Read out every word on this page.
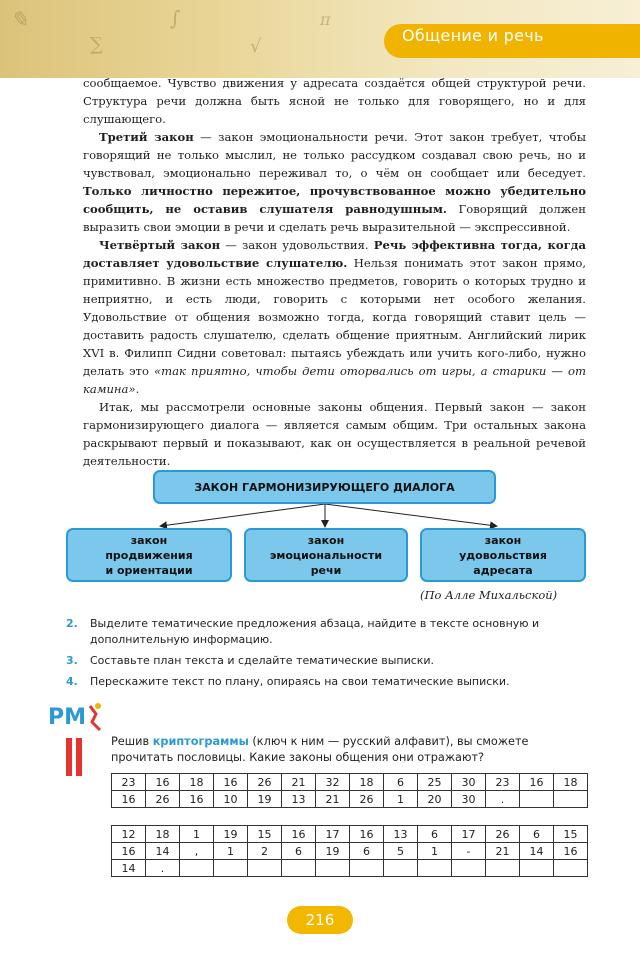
✎
∑
∫
√
π
Общение и речь

сообщаемое. Чувство движения у адресата создаётся общей структурой речи. Структура речи должна быть ясной не только для говорящего, но и для слушающего.

Третий закон — закон эмоциональности речи. Этот закон требует, чтобы говорящий не только мыслил, не только рассудком создавал свою речь, но и чувствовал, эмоционально переживал то, о чём он сообщает или беседует. Только личностно пережитое, прочувствованное можно убедительно сообщить, не оставив слушателя равнодушным. Говорящий должен выразить свои эмоции в речи и сделать речь выразительной — экспрессивной.

Четвёртый закон — закон удовольствия. Речь эффективна тогда, когда доставляет удовольствие слушателю. Нельзя понимать этот закон прямо, примитивно. В жизни есть множество предметов, говорить о которых трудно и неприятно, и есть люди, говорить с которыми нет особого желания. Удовольствие от общения возможно тогда, когда говорящий ставит цель — доставить радость слушателю, сделать общение приятным. Английский лирик XVI в. Филипп Сидни советовал: пытаясь убеждать или учить кого-либо, нужно делать это «так приятно, чтобы дети оторвались от игры, а старики — от камина».

Итак, мы рассмотрели основные законы общения. Первый закон — закон гармонизирующего диалога — является самым общим. Три остальных закона раскрывают первый и показывают, как он осуществляется в реальной речевой деятельности.

ЗАКОН ГАРМОНИЗИРУЮЩЕГО ДИАЛОГА
закон
продвижения
и ориентации
закон
эмоциональности
речи
закон
удовольствия
адресата
(По Алле Михальской)
2. Выделите тематические предложения абзаца, найдите в тексте основную и дополнительную информацию.
3. Составьте план текста и сделайте тематические выписки.
4. Перескажите текст по плану, опираясь на свои тематические выписки.
РМ
Решив криптограммы (ключ к ним — русский алфавит), вы сможете прочитать пословицы. Какие законы общения они отражают?
23	16	18	16	26	21	32	18	6	25	30	23	16	18
16	26	16	10	19	13	21	26	1	20	30	.		
12	18	1	19	15	16	17	16	13	6	17	26	6	15
16	14	,	1	2	6	19	6	5	1	-	21	14	16
14	.												
216
